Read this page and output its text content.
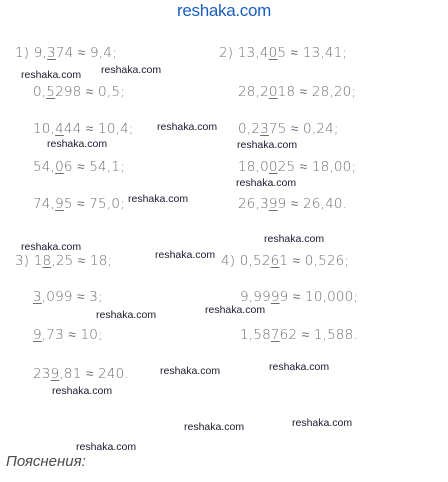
reshaka.com
1) 9,374 ≈ 9,4;
0,5298 ≈ 0,5;
10,444 ≈ 10,4;
54,06 ≈ 54,1;
74,95 ≈ 75,0;
2) 13,405 ≈ 13,41;
28,2018 ≈ 28,20;
0,2375 ≈ 0,24;
18,0025 ≈ 18,00;
26,399 ≈ 26,40.
3) 18,25 ≈ 18;
3,099 ≈ 3;
9,73 ≈ 10;
239,81 ≈ 240.
4) 0,5261 ≈ 0,526;
9,9999 ≈ 10,000;
1,58762 ≈ 1,588.
reshaka.com reshaka.com
reshaka.com
reshaka.com	reshaka.com
reshaka.com
reshaka.com
reshaka.com
reshaka.com
reshaka.com
reshaka.com
reshaka.com
reshaka.com
reshaka.com
reshaka.com
reshaka.com	reshaka.com
reshaka.com
Пояснения:
